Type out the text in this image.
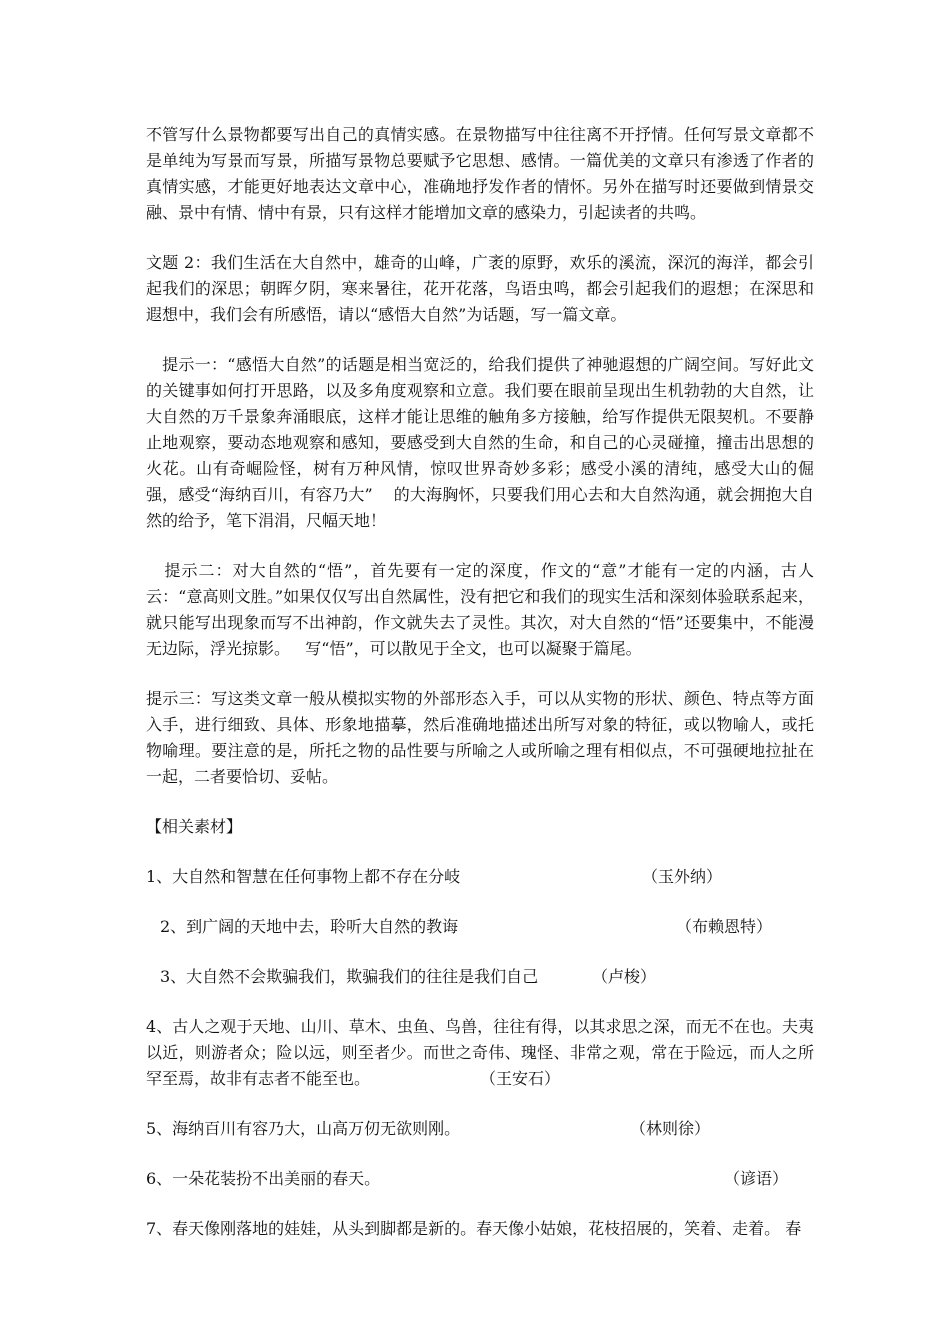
不管写什么景物都要写出自己的真情实感。在景物描写中往往离不开抒情。任何写景文章都不是单纯为写景而写景，所描写景物总要赋予它思想、感情。一篇优美的文章只有渗透了作者的真情实感，才能更好地表达文章中心，准确地抒发作者的情怀。另外在描写时还要做到情景交融、景中有情、情中有景，只有这样才能增加文章的感染力，引起读者的共鸣。

文题 2：我们生活在大自然中，雄奇的山峰，广袤的原野，欢乐的溪流，深沉的海洋，都会引起我们的深思；朝晖夕阴，寒来暑往，花开花落，鸟语虫鸣，都会引起我们的遐想；在深思和遐想中，我们会有所感悟，请以“感悟大自然”为话题，写一篇文章。

提示一：“感悟大自然”的话题是相当宽泛的，给我们提供了神驰遐想的广阔空间。写好此文的关键事如何打开思路，以及多角度观察和立意。我们要在眼前呈现出生机勃勃的大自然，让大自然的万千景象奔涌眼底，这样才能让思维的触角多方接触，给写作提供无限契机。不要静止地观察，要动态地观察和感知，要感受到大自然的生命，和自己的心灵碰撞，撞击出思想的火花。山有奇崛险怪，树有万种风情，惊叹世界奇妙多彩；感受小溪的清纯，感受大山的倔强，感受“海纳百川，有容乃大”    的大海胸怀，只要我们用心去和大自然沟通，就会拥抱大自然的给予，笔下涓涓，尺幅天地！

提示二：对大自然的“悟”，首先要有一定的深度，作文的“意”才能有一定的内涵，古人云：“意高则文胜。”如果仅仅写出自然属性，没有把它和我们的现实生活和深刻体验联系起来，就只能写出现象而写不出神韵，作文就失去了灵性。其次，对大自然的“悟”还要集中，不能漫无边际，浮光掠影。   写“悟”，可以散见于全文，也可以凝聚于篇尾。

提示三：写这类文章一般从模拟实物的外部形态入手，可以从实物的形状、颜色、特点等方面入手，进行细致、具体、形象地描摹，然后准确地描述出所写对象的特征，或以物喻人，或托物喻理。要注意的是，所托之物的品性要与所喻之人或所喻之理有相似点，不可强硬地拉扯在一起，二者要恰切、妥帖。

【相关素材】
1、大自然和智慧在任何事物上都不存在分岐	（玉外纳）
2、到广阔的天地中去，聆听大自然的教诲	（布赖恩特）
3、大自然不会欺骗我们，欺骗我们的往往是我们自己	（卢梭）
4、古人之观于天地、山川、草木、虫鱼、鸟兽，往往有得，以其求思之深，而无不在也。夫夷以近，则游者众；险以远，则至者少。而世之奇伟、瑰怪、非常之观，常在于险远，而人之所罕至焉，故非有志者不能至也。	（王安石）
5、海纳百川有容乃大，山高万仞无欲则刚。	（林则徐）
6、一朵花装扮不出美丽的春天。	（谚语）
7、春天像刚落地的娃娃，从头到脚都是新的。春天像小姑娘，花枝招展的，笑着、走着。 春
